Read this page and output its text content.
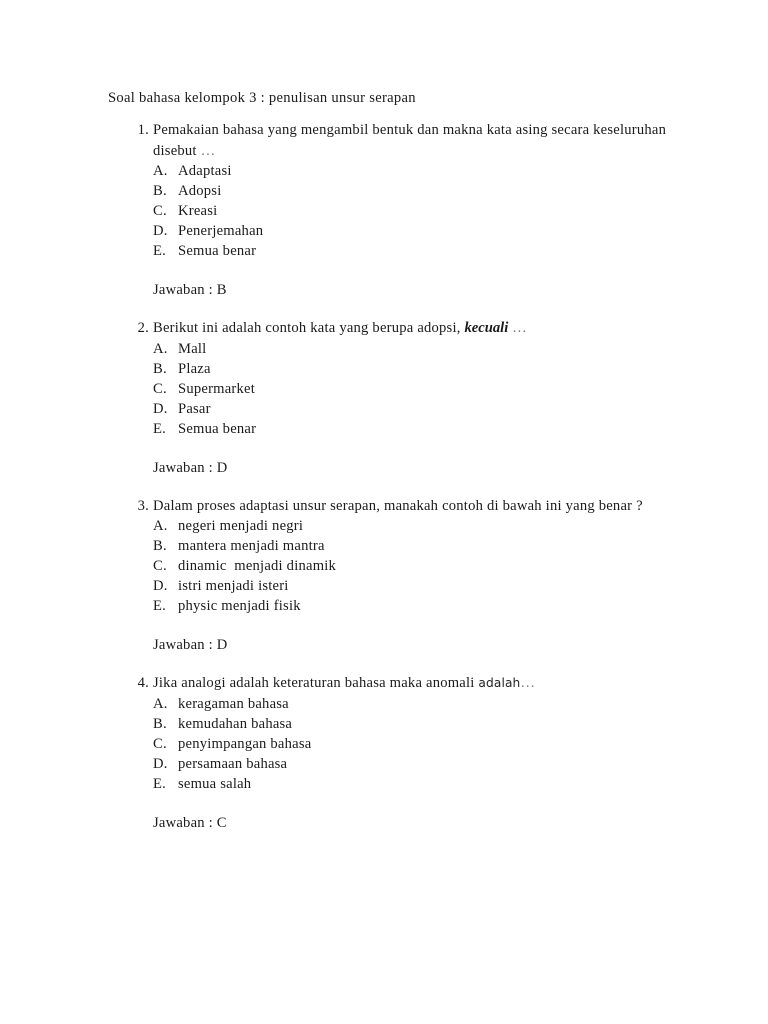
Soal bahasa kelompok 3 : penulisan unsur serapan

1. Pemakaian bahasa yang mengambil bentuk dan makna kata asing secara keseluruhan disebut …
A. Adaptasi
B. Adopsi
C. Kreasi
D. Penerjemahan
E. Semua benar
Jawaban : B
2. Berikut ini adalah contoh kata yang berupa adopsi, kecuali …
A. Mall
B. Plaza
C. Supermarket
D. Pasar
E. Semua benar
Jawaban : D
3. Dalam proses adaptasi unsur serapan, manakah contoh di bawah ini yang benar ?
A. negeri menjadi negri
B. mantera menjadi mantra
C. dinamic  menjadi dinamik
D. istri menjadi isteri
E. physic menjadi fisik
Jawaban : D
4. Jika analogi adalah keteraturan bahasa maka anomali adalah…
A. keragaman bahasa
B. kemudahan bahasa
C. penyimpangan bahasa
D. persamaan bahasa
E. semua salah
Jawaban : C
